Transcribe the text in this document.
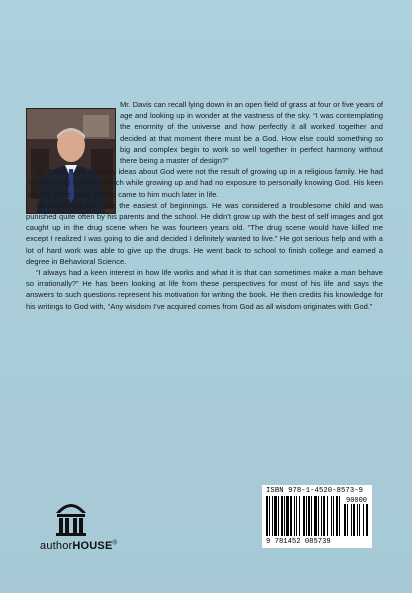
Mr. Davis can recall lying down in an open field of grass at four or five years of age and looking up in wonder at the vastness of the sky. “I was contemplating the enormity of the universe and how perfectly it all worked together and decided at that moment there must be a God. How else could something so big and complex begin to work so well together in perfect harmony without there being a master of design?”

Mr. Davis says his early ideas about God were not the result of growing up in a religious family. He had nothing to do with the church while growing up and had no exposure to personally knowing God. His keen interest in the study of God came to him much later in life.

Mr. Davis did not have the easiest of beginnings. He was considered a troublesome child and was punished quite often by his parents and the school. He didn’t grow up with the best of self images and got caught up in the drug scene when he was fourteen years old. “The drug scene would have killed me except I realized I was going to die and decided I definitely wanted to live.” He got serious help and with a lot of hard work was able to give up the drugs. He went back to school to finish college and earned a degree in Behavioral Science.

“I always had a keen interest in how life works and what it is that can sometimes make a man behave so irrationally?” He has been looking at life from these perspectives for most of his life and says the answers to such questions represent his motivation for writing the book. He then credits his knowledge for his writings to God with, “Any wisdom I’ve acquired comes from God as all wisdom originates with God.”

authorHOUSE®
ISBN 978-1-4520-8573-9
90000
9 781452 085739
